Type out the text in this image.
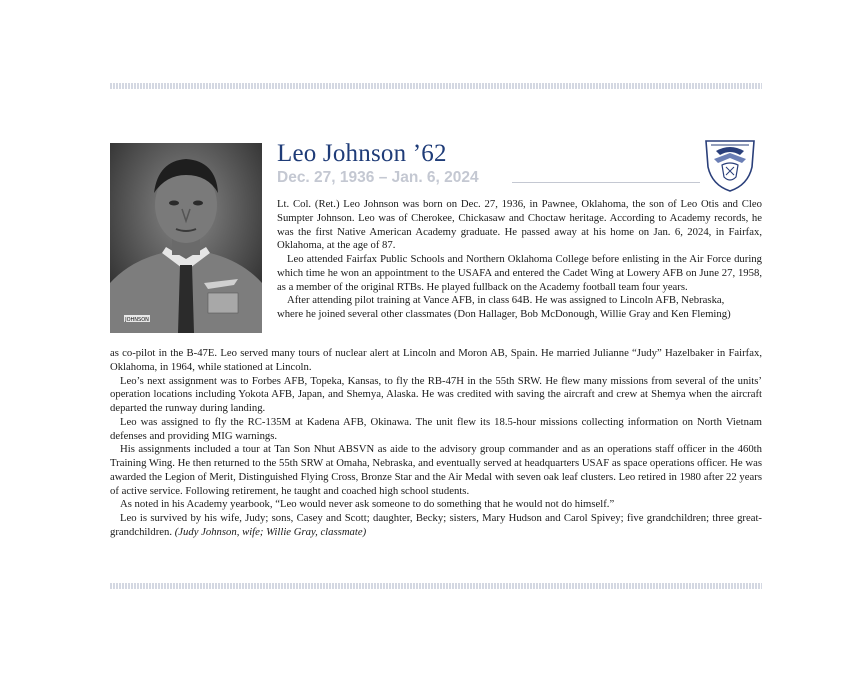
JOHNSON
Leo Johnson ’62
Dec. 27, 1936 – Jan. 6, 2024

Lt. Col. (Ret.) Leo Johnson was born on Dec. 27, 1936, in Pawnee, Oklahoma, the son of Leo Otis and Cleo Sumpter Johnson. Leo was of Cherokee, Chickasaw and Choctaw heritage. According to Academy records, he was the first Native American Academy graduate. He passed away at his home on Jan. 6, 2024, in Fairfax, Oklahoma, at the age of 87.

Leo attended Fairfax Public Schools and Northern Oklahoma College before enlisting in the Air Force during which time he won an appointment to the USAFA and entered the Cadet Wing at Lowery AFB on June 27, 1958, as a member of the original RTBs. He played fullback on the Academy football team four years.

After attending pilot training at Vance AFB, in class 64B. He was assigned to Lincoln AFB, Nebraska,

where he joined several other classmates (Don Hallager, Bob McDonough, Willie Gray and Ken Fleming)

as co-pilot in the B-47E. Leo served many tours of nuclear alert at Lincoln and Moron AB, Spain. He married Julianne “Judy” Hazelbaker in Fairfax, Oklahoma, in 1964, while stationed at Lincoln.

Leo’s next assignment was to Forbes AFB, Topeka, Kansas, to fly the RB-47H in the 55th SRW. He flew many missions from several of the units’ operation locations including Yokota AFB, Japan, and Shemya, Alaska. He was credited with saving the aircraft and crew at Shemya when the aircraft departed the runway during landing.

Leo was assigned to fly the RC-135M at Kadena AFB, Okinawa. The unit flew its 18.5-hour missions collecting information on North Vietnam defenses and providing MIG warnings.

His assignments included a tour at Tan Son Nhut ABSVN as aide to the advisory group commander and as an operations staff officer in the 460th Training Wing. He then returned to the 55th SRW at Omaha, Nebraska, and eventually served at headquarters USAF as space operations officer. He was awarded the Legion of Merit, Distinguished Flying Cross, Bronze Star and the Air Medal with seven oak leaf clusters. Leo retired in 1980 after 22 years of active service. Following retirement, he taught and coached high school students.

As noted in his Academy yearbook, “Leo would never ask someone to do something that he would not do himself.”

Leo is survived by his wife, Judy; sons, Casey and Scott; daughter, Becky; sisters, Mary Hudson and Carol Spivey; five grandchildren; three great-grandchildren. (Judy Johnson, wife; Willie Gray, classmate)
